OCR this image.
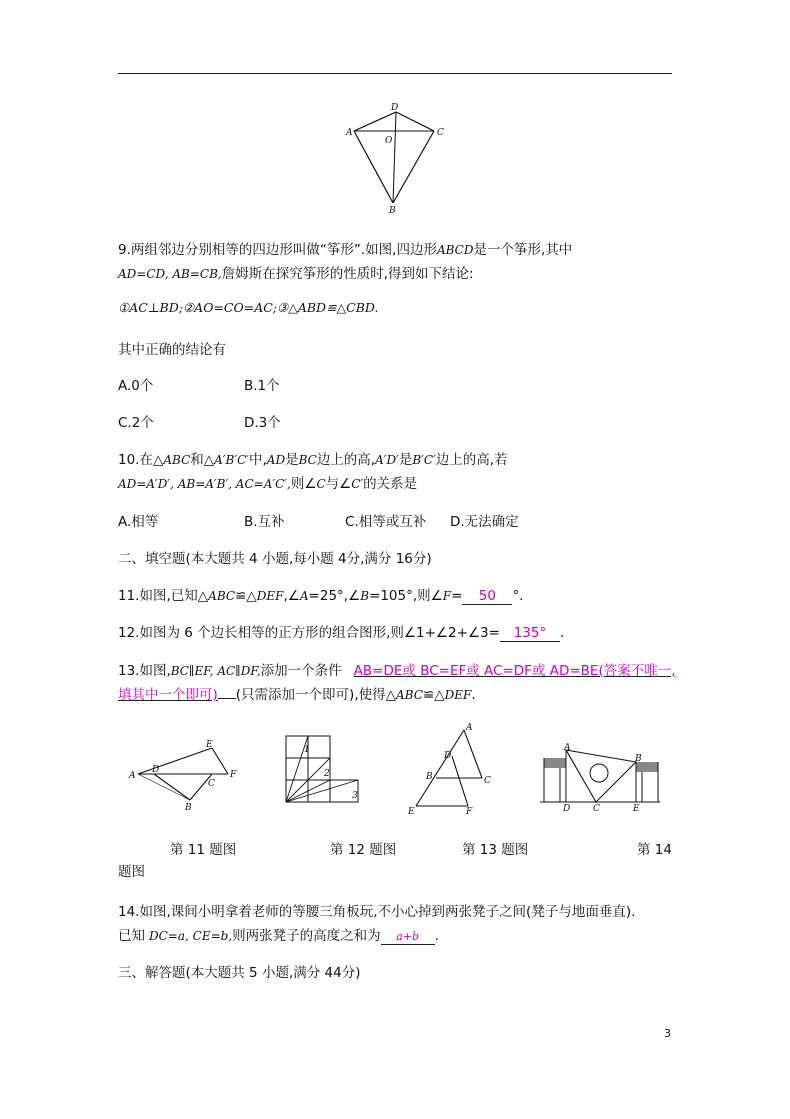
D
A	C
O
B
9.两组邻边分别相等的四边形叫做“筝形”.如图,四边形ABCD是一个筝形,其中
AD=CD, AB=CB,詹姆斯在探究筝形的性质时,得到如下结论:
①AC⊥BD;②AO=CO=AC;③△ABD≌△CBD.
其中正确的结论有
A.0个	B.1个
C.2个	D.3个
10.在△ABC和△A′B′C′中,AD是BC边上的高,A′D′是B′C′边上的高,若
AD=A′D′, AB=A′B′, AC=A′C′,则∠C与∠C′的关系是
A.相等	B.互补	C.相等或互补 D.无法确定
二、填空题(本大题共 4 小题,每小题 4分,满分 16分)
11.如图,已知△ABC≌△DEF,∠A=25°,∠B=105°,则∠F= 50 °.
12.如图为 6 个边长相等的正方形的组合图形,则∠1+∠2+∠3= 135° .
13.如图,BC∥EF, AC∥DF,添加一个条件 AB=DE或 BC=EF或 AC=DF或 AD=BE(答案不唯一,
填其中一个即可) (只需添加一个即可),使得△ABC≌△DEF.
A
D
E
F
C
B
1
2
3
A
D
B	C
E	F
A
B
C
D	E
第 11 题图	第 12 题图	第 13 题图	第 14
题图
14.如图,课间小明拿着老师的等腰三角板玩,不小心掉到两张凳子之间(凳子与地面垂直).
已知 DC=a, CE=b,则两张凳子的高度之和为 a+b .
三、解答题(本大题共 5 小题,满分 44分)
3
